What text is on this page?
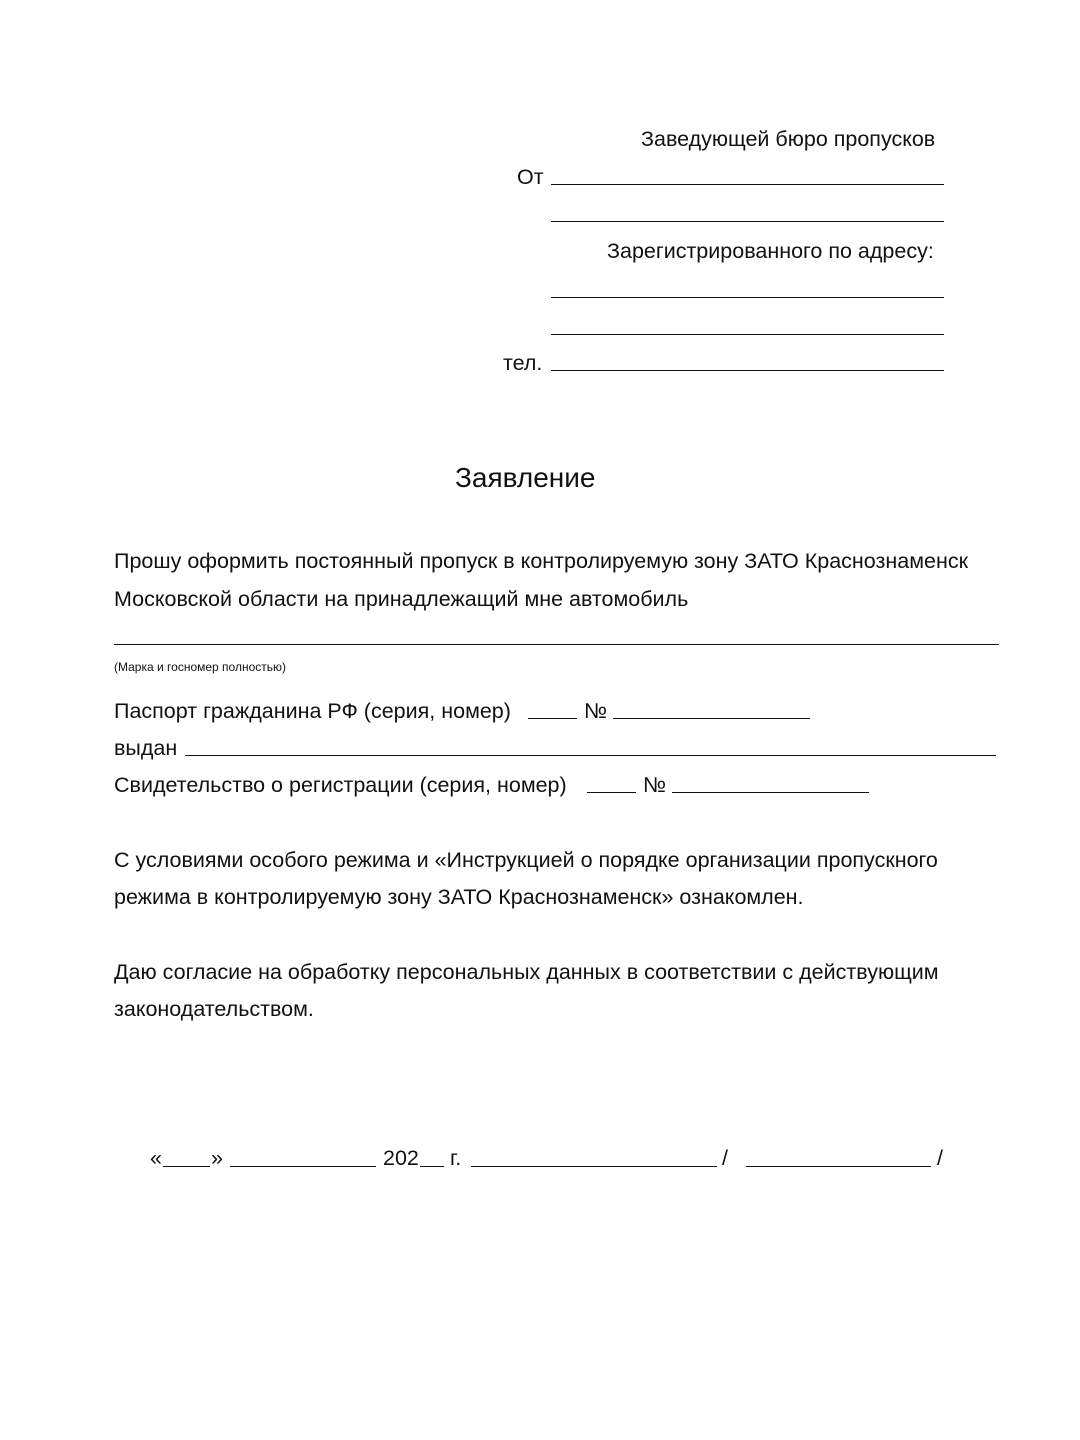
Заведующей бюро пропусков
От
Зарегистрированного по адресу:
тел.
Заявление
Прошу оформить постоянный пропуск в контролируемую зону ЗАТО Краснознаменск
Московской области на принадлежащий мне автомобиль
(Марка и госномер полностью)
Паспорт гражданина РФ (серия, номер)	№
выдан
Свидетельство о регистрации (серия, номер)	№
С условиями особого режима и «Инструкцией о порядке организации пропускного
режима в контролируемую зону ЗАТО Краснознаменск» ознакомлен.
Даю согласие на обработку персональных данных в соответствии с действующим
законодательством.
« »	202 г.	/	/
